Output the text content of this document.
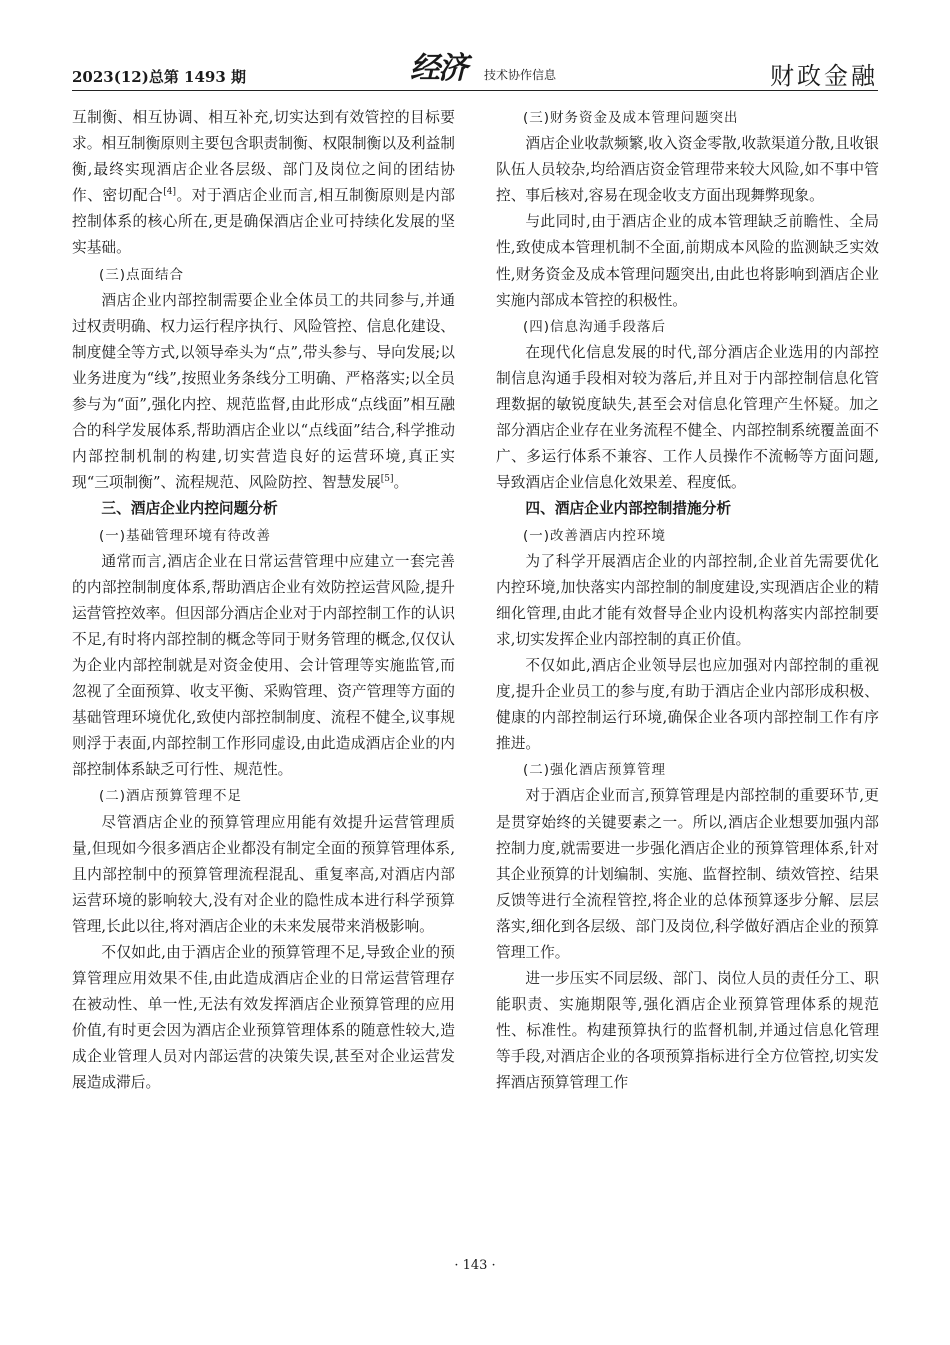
2023(12)总第 1493 期	经济 技术协作信息	财政金融

互制衡、相互协调、相互补充,切实达到有效管控的目标要求。相互制衡原则主要包含职责制衡、权限制衡以及利益制衡,最终实现酒店企业各层级、部门及岗位之间的团结协作、密切配合[4]。对于酒店企业而言,相互制衡原则是内部控制体系的核心所在,更是确保酒店企业可持续化发展的坚实基础。

(三)点面结合

酒店企业内部控制需要企业全体员工的共同参与,并通过权责明确、权力运行程序执行、风险管控、信息化建设、制度健全等方式,以领导牵头为“点”,带头参与、导向发展;以业务进度为“线”,按照业务条线分工明确、严格落实;以全员参与为“面”,强化内控、规范监督,由此形成“点线面”相互融合的科学发展体系,帮助酒店企业以“点线面”结合,科学推动内部控制机制的构建,切实营造良好的运营环境,真正实现“三项制衡”、流程规范、风险防控、智慧发展[5]。

三、酒店企业内控问题分析
(一)基础管理环境有待改善

通常而言,酒店企业在日常运营管理中应建立一套完善的内部控制制度体系,帮助酒店企业有效防控运营风险,提升运营管控效率。但因部分酒店企业对于内部控制工作的认识不足,有时将内部控制的概念等同于财务管理的概念,仅仅认为企业内部控制就是对资金使用、会计管理等实施监管,而忽视了全面预算、收支平衡、采购管理、资产管理等方面的基础管理环境优化,致使内部控制制度、流程不健全,议事规则浮于表面,内部控制工作形同虚设,由此造成酒店企业的内部控制体系缺乏可行性、规范性。

(二)酒店预算管理不足

尽管酒店企业的预算管理应用能有效提升运营管理质量,但现如今很多酒店企业都没有制定全面的预算管理体系,且内部控制中的预算管理流程混乱、重复率高,对酒店内部运营环境的影响较大,没有对企业的隐性成本进行科学预算管理,长此以往,将对酒店企业的未来发展带来消极影响。

不仅如此,由于酒店企业的预算管理不足,导致企业的预算管理应用效果不佳,由此造成酒店企业的日常运营管理存在被动性、单一性,无法有效发挥酒店企业预算管理的应用价值,有时更会因为酒店企业预算管理体系的随意性较大,造成企业管理人员对内部运营的决策失误,甚至对企业运营发展造成滞后。

(三)财务资金及成本管理问题突出

酒店企业收款频繁,收入资金零散,收款渠道分散,且收银队伍人员较杂,均给酒店资金管理带来较大风险,如不事中管控、事后核对,容易在现金收支方面出现舞弊现象。

与此同时,由于酒店企业的成本管理缺乏前瞻性、全局性,致使成本管理机制不全面,前期成本风险的监测缺乏实效性,财务资金及成本管理问题突出,由此也将影响到酒店企业实施内部成本管控的积极性。

(四)信息沟通手段落后

在现代化信息发展的时代,部分酒店企业选用的内部控制信息沟通手段相对较为落后,并且对于内部控制信息化管理数据的敏锐度缺失,甚至会对信息化管理产生怀疑。加之部分酒店企业存在业务流程不健全、内部控制系统覆盖面不广、多运行体系不兼容、工作人员操作不流畅等方面问题,导致酒店企业信息化效果差、程度低。

四、酒店企业内部控制措施分析
(一)改善酒店内控环境

为了科学开展酒店企业的内部控制,企业首先需要优化内控环境,加快落实内部控制的制度建设,实现酒店企业的精细化管理,由此才能有效督导企业内设机构落实内部控制要求,切实发挥企业内部控制的真正价值。

不仅如此,酒店企业领导层也应加强对内部控制的重视度,提升企业员工的参与度,有助于酒店企业内部形成积极、健康的内部控制运行环境,确保企业各项内部控制工作有序推进。

(二)强化酒店预算管理

对于酒店企业而言,预算管理是内部控制的重要环节,更是贯穿始终的关键要素之一。所以,酒店企业想要加强内部控制力度,就需要进一步强化酒店企业的预算管理体系,针对其企业预算的计划编制、实施、监督控制、绩效管控、结果反馈等进行全流程管控,将企业的总体预算逐步分解、层层落实,细化到各层级、部门及岗位,科学做好酒店企业的预算管理工作。

进一步压实不同层级、部门、岗位人员的责任分工、职能职责、实施期限等,强化酒店企业预算管理体系的规范性、标准性。构建预算执行的监督机制,并通过信息化管理等手段,对酒店企业的各项预算指标进行全方位管控,切实发挥酒店预算管理工作

· 143 ·
